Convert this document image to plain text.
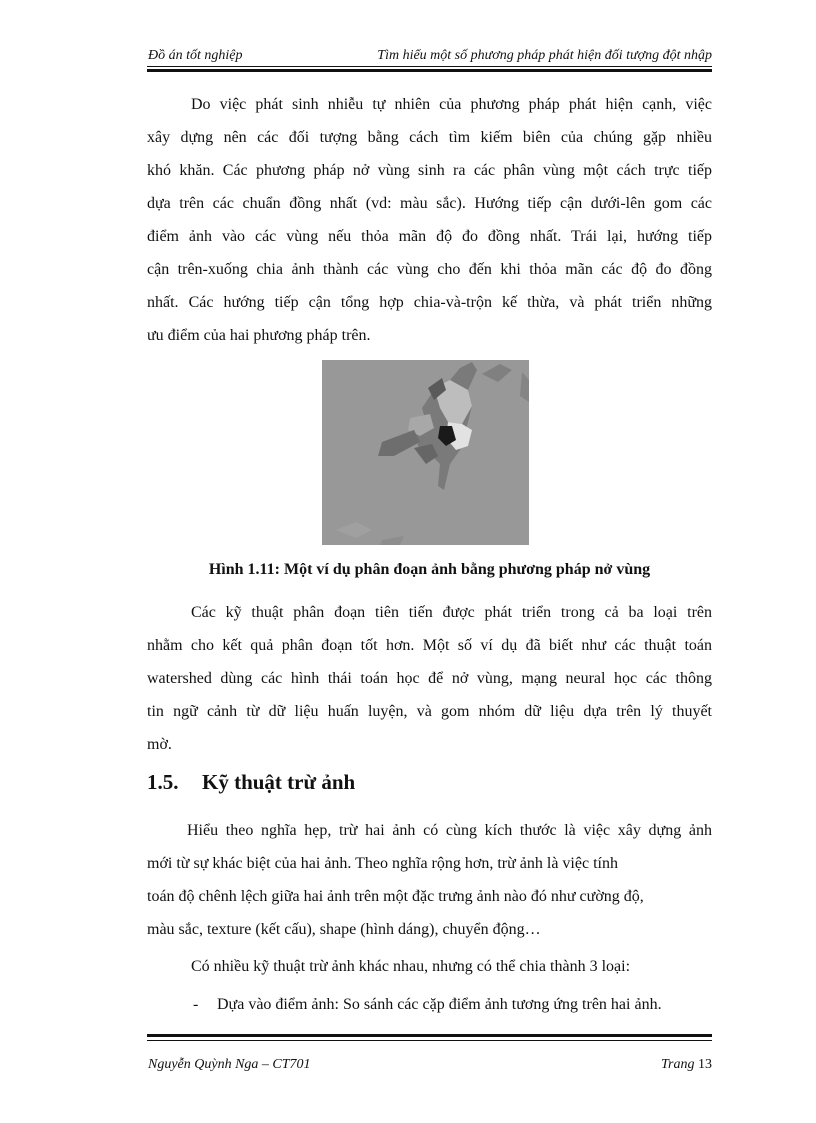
Đồ án tốt nghiệp	Tìm hiểu một số phương pháp phát hiện đối tượng đột nhập
Do việc phát sinh nhiễu tự nhiên của phương pháp phát hiện cạnh, việc
xây dựng nên các đối tượng bằng cách tìm kiếm biên của chúng gặp nhiều
khó khăn. Các phương pháp nở vùng sinh ra các phân vùng một cách trực tiếp
dựa trên các chuẩn đồng nhất (vd: màu sắc). Hướng tiếp cận dưới-lên gom các
điểm ảnh vào các vùng nếu thỏa mãn độ đo đồng nhất. Trái lại, hướng tiếp
cận trên-xuống chia ảnh thành các vùng cho đến khi thỏa mãn các độ đo đồng
nhất. Các hướng tiếp cận tổng hợp chia-và-trộn kế thừa, và phát triển những
ưu điểm của hai phương pháp trên.
Hình 1.11: Một ví dụ phân đoạn ảnh bằng phương pháp nở vùng
Các kỹ thuật phân đoạn tiên tiến được phát triển trong cả ba loại trên
nhằm cho kết quả phân đoạn tốt hơn. Một số ví dụ đã biết như các thuật toán
watershed dùng các hình thái toán học để nở vùng, mạng neural học các thông
tin ngữ cảnh từ dữ liệu huấn luyện, và gom nhóm dữ liệu dựa trên lý thuyết
mờ.
1.5. Kỹ thuật trừ ảnh
Hiểu theo nghĩa hẹp, trừ hai ảnh có cùng kích thước là việc xây dựng ảnh
mới từ sự khác biệt của hai ảnh. Theo nghĩa rộng hơn, trừ ảnh là việc tính
toán độ chênh lệch giữa hai ảnh trên một đặc trưng ảnh nào đó như cường độ,
màu sắc, texture (kết cấu), shape (hình dáng), chuyển động…
Có nhiều kỹ thuật trừ ảnh khác nhau, nhưng có thể chia thành 3 loại:
- Dựa vào điểm ảnh: So sánh các cặp điểm ảnh tương ứng trên hai ảnh.
Nguyễn Quỳnh Nga – CT701	Trang 13
